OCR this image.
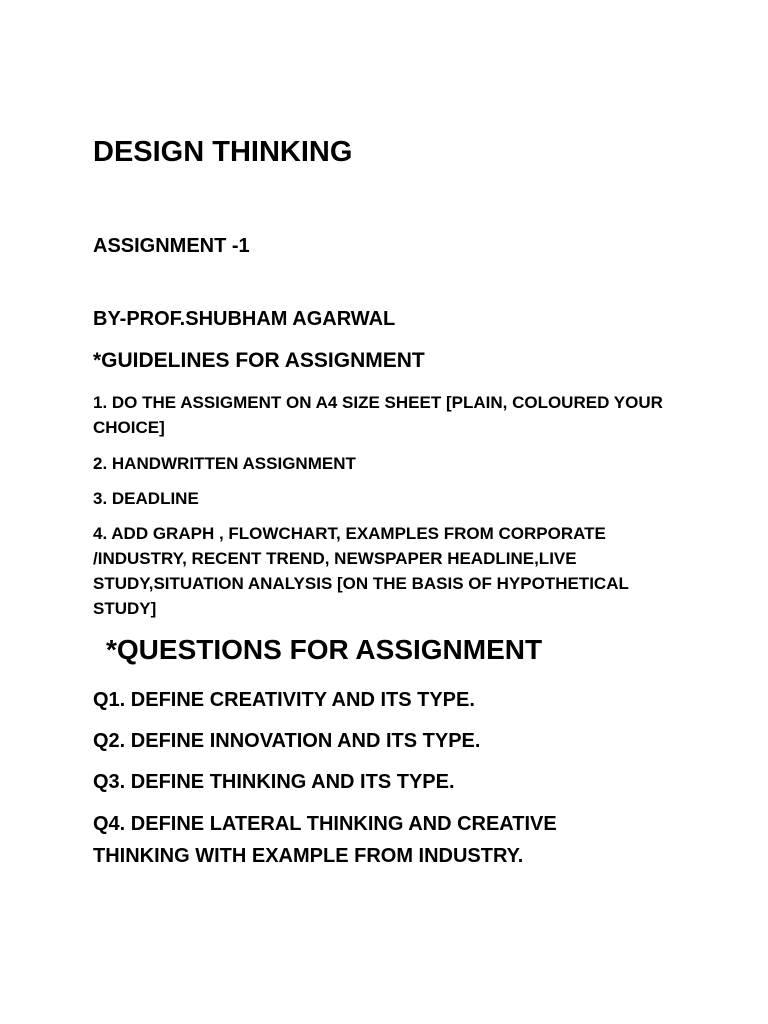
DESIGN THINKING
ASSIGNMENT -1
BY-PROF.SHUBHAM AGARWAL
*GUIDELINES FOR ASSIGNMENT
1. DO THE ASSIGMENT ON A4 SIZE SHEET [PLAIN, COLOURED YOUR CHOICE]
2. HANDWRITTEN ASSIGNMENT
3. DEADLINE
4. ADD GRAPH , FLOWCHART, EXAMPLES FROM CORPORATE /INDUSTRY, RECENT TREND, NEWSPAPER HEADLINE,LIVE STUDY,SITUATION ANALYSIS [ON THE BASIS OF HYPOTHETICAL STUDY]
*QUESTIONS FOR ASSIGNMENT
Q1. DEFINE CREATIVITY AND ITS TYPE.
Q2. DEFINE INNOVATION AND ITS TYPE.
Q3. DEFINE THINKING AND ITS TYPE.
Q4. DEFINE LATERAL THINKING AND CREATIVE THINKING WITH EXAMPLE FROM INDUSTRY.
